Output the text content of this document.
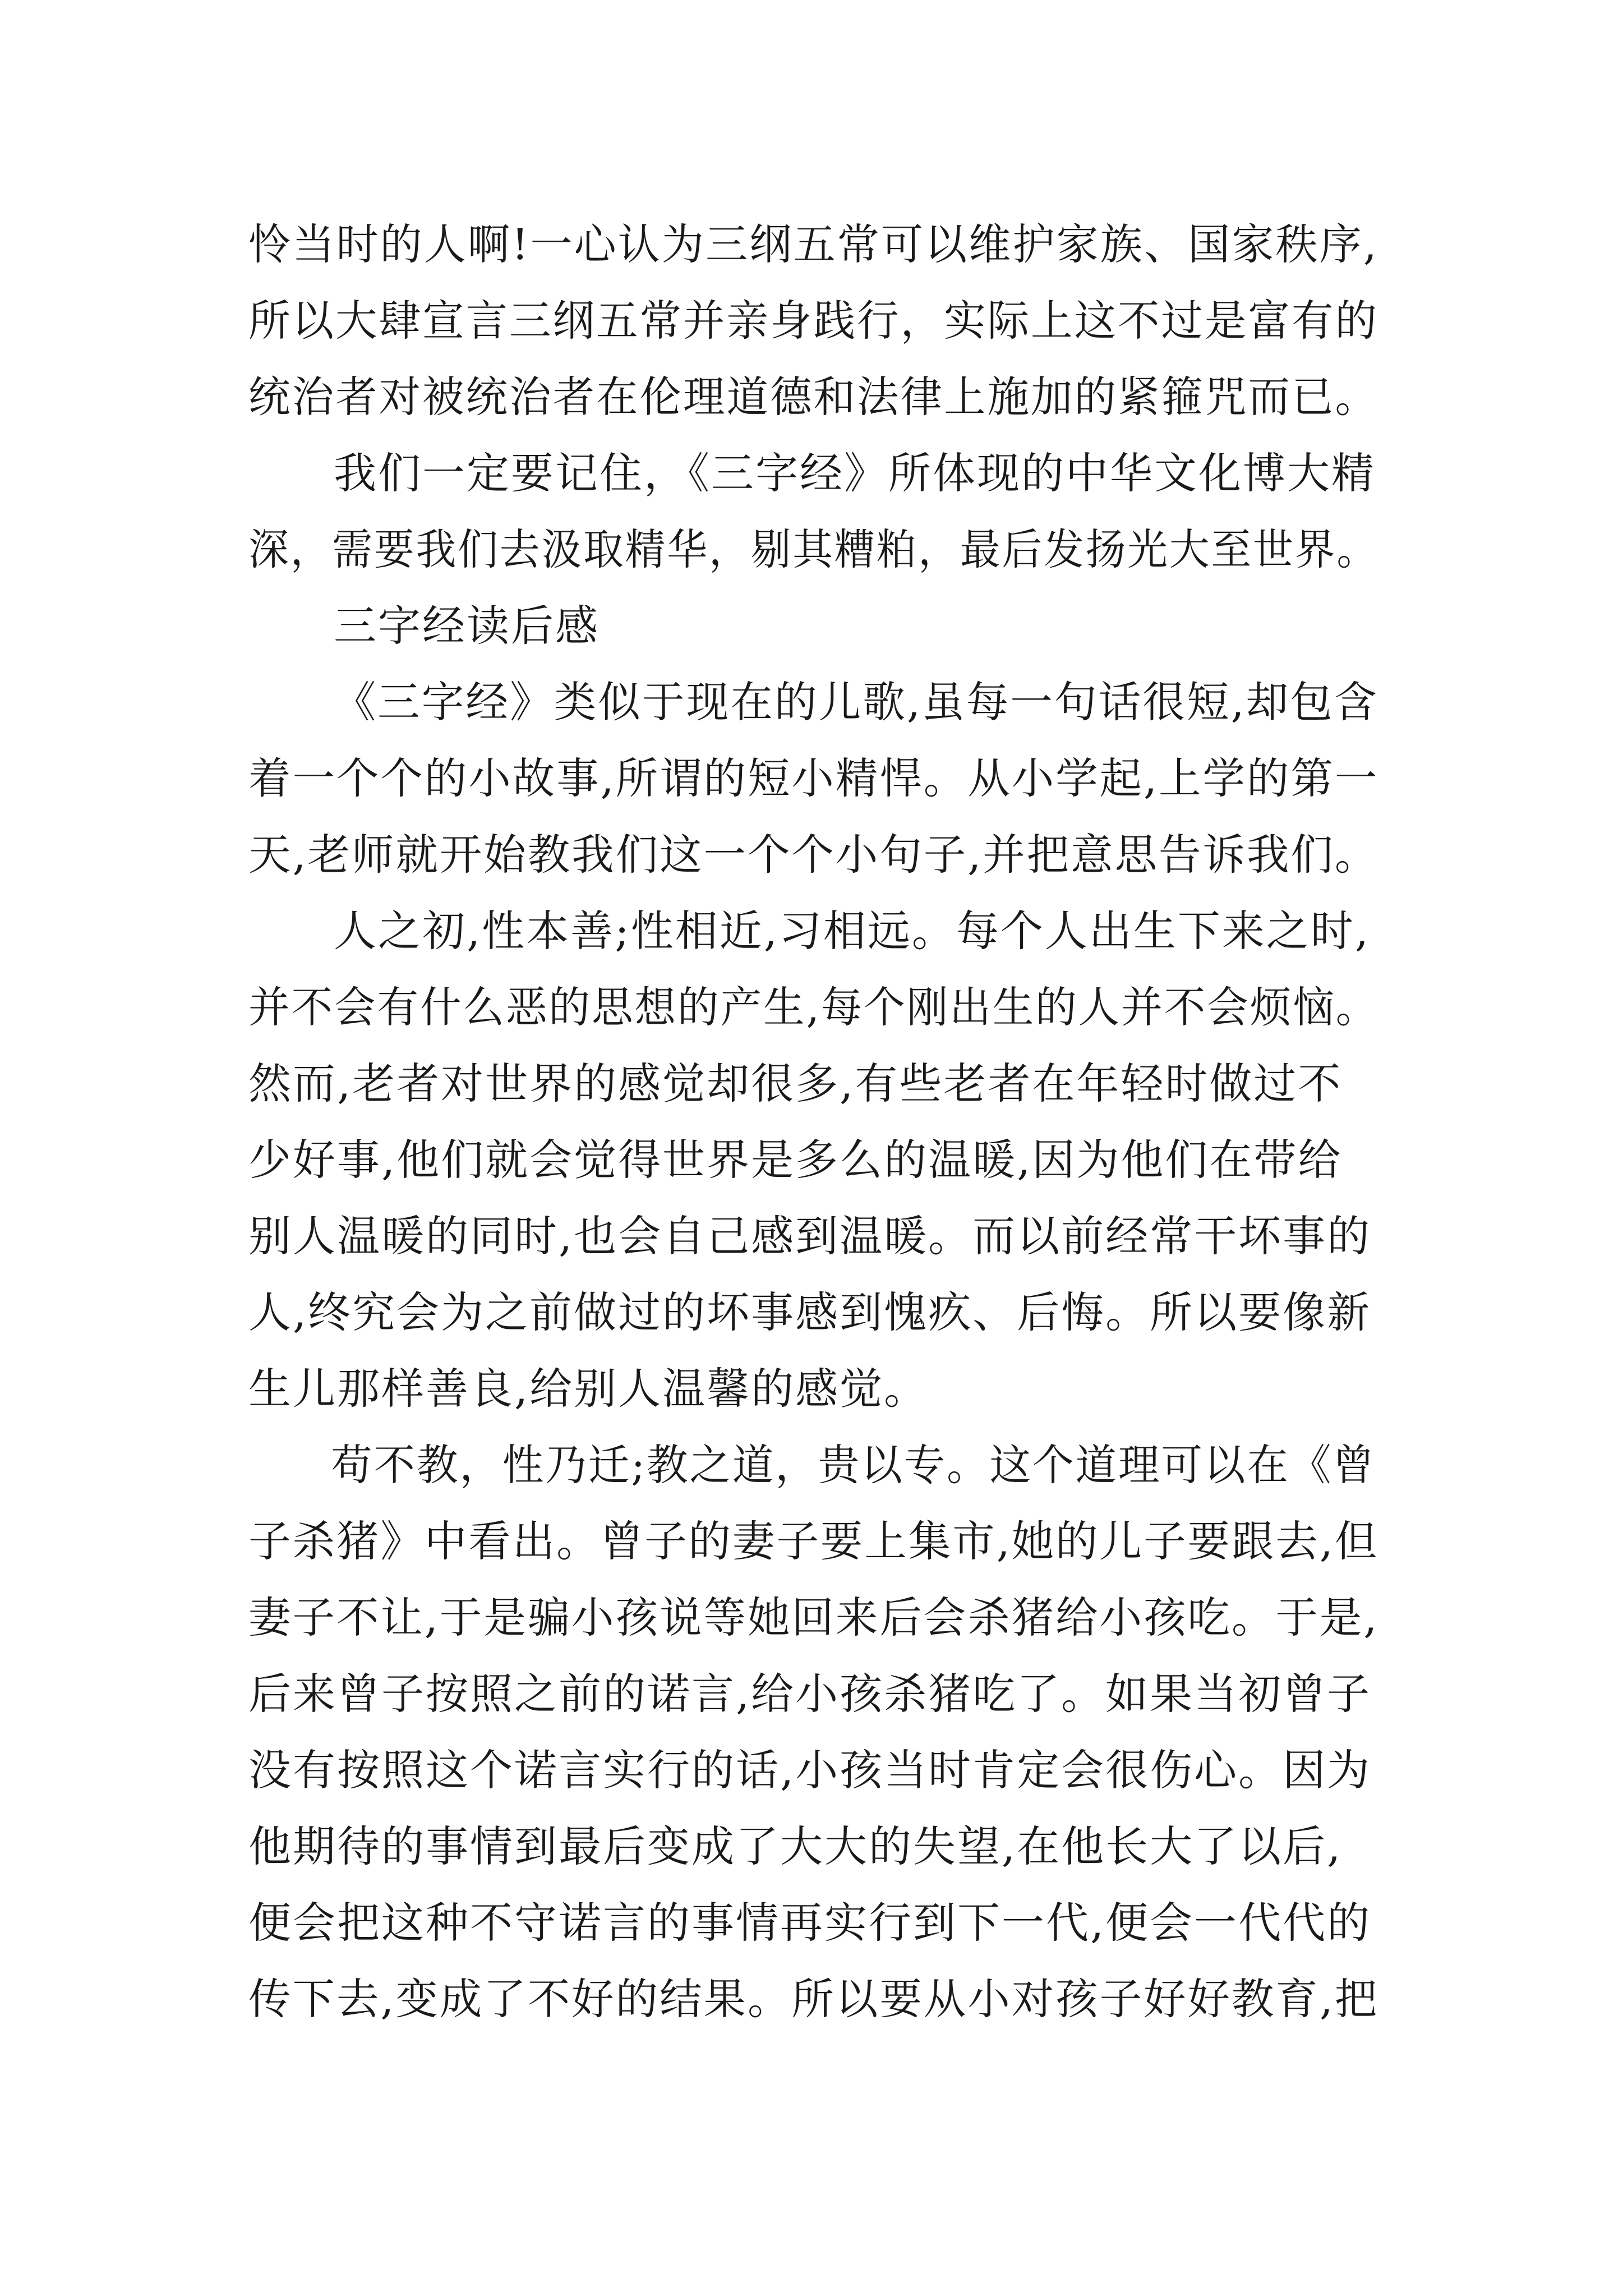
怜当时的人啊!一心认为三纲五常可以维护家族、国家秩序,
所以大肆宣言三纲五常并亲身践行，实际上这不过是富有的
统治者对被统治者在伦理道德和法律上施加的紧箍咒而已。
我们一定要记住，《三字经》所体现的中华文化博大精
深，需要我们去汲取精华，剔其糟粕，最后发扬光大至世界。
三字经读后感
《三字经》类似于现在的儿歌,虽每一句话很短,却包含
着一个个的小故事,所谓的短小精悍。从小学起,上学的第一
天,老师就开始教我们这一个个小句子,并把意思告诉我们。
人之初,性本善;性相近,习相远。每个人出生下来之时,
并不会有什么恶的思想的产生,每个刚出生的人并不会烦恼。
然而,老者对世界的感觉却很多,有些老者在年轻时做过不
少好事,他们就会觉得世界是多么的温暖,因为他们在带给
别人温暖的同时,也会自己感到温暖。而以前经常干坏事的
人,终究会为之前做过的坏事感到愧疚、后悔。所以要像新
生儿那样善良,给别人温馨的感觉。
苟不教，性乃迁;教之道，贵以专。这个道理可以在《曾
子杀猪》中看出。曾子的妻子要上集市,她的儿子要跟去,但
妻子不让,于是骗小孩说等她回来后会杀猪给小孩吃。于是,
后来曾子按照之前的诺言,给小孩杀猪吃了。如果当初曾子
没有按照这个诺言实行的话,小孩当时肯定会很伤心。因为
他期待的事情到最后变成了大大的失望,在他长大了以后,
便会把这种不守诺言的事情再实行到下一代,便会一代代的
传下去,变成了不好的结果。所以要从小对孩子好好教育,把
